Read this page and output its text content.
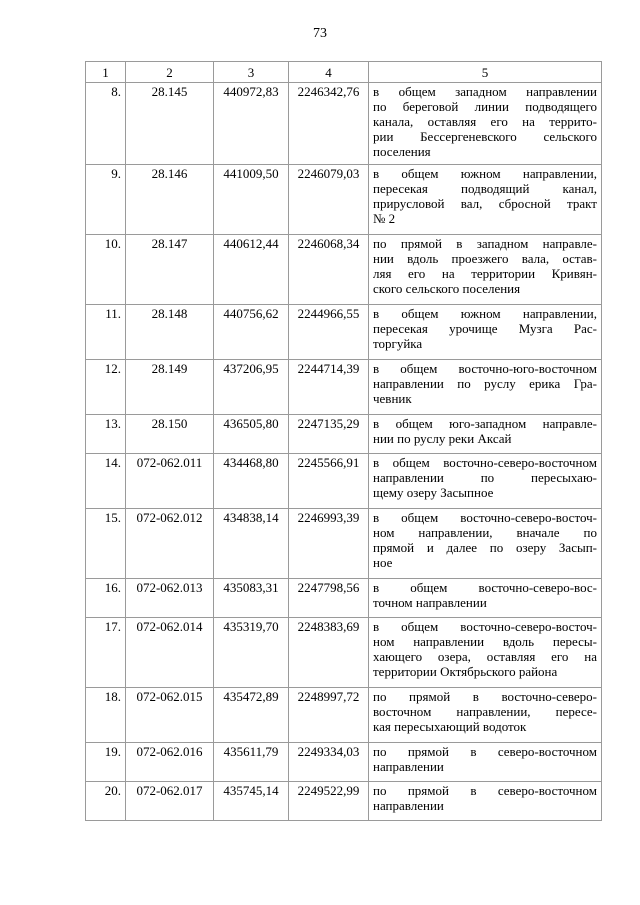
73
1	2	3	4	5
8.	28.145	440972,83	2246342,76	в общем западном направлении
по береговой линии подводящего
канала, оставляя его на террито-
рии Бессергеневского сельского
поселения

9.	28.146	441009,50	2246079,03	в общем южном направлении,
пересекая подводящий канал,
прирусловой вал, сбросной тракт
№ 2

10.	28.147	440612,44	2246068,34	по прямой в западном направле-
нии вдоль проезжего вала, остав-
ляя его на территории Кривян-
ского сельского поселения

11.	28.148	440756,62	2244966,55	в общем южном направлении,
пересекая урочище Музга Рас-
торгуйка

12.	28.149	437206,95	2244714,39	в общем восточно-юго-восточном
направлении по руслу ерика Гра-
чевник

13.	28.150	436505,80	2247135,29	в общем юго-западном направле-
нии по руслу реки Аксай

14.	072-062.011	434468,80	2245566,91	в общем восточно-северо-восточном
направлении по пересыхаю-
щему озеру Засыпное

15.	072-062.012	434838,14	2246993,39	в общем восточно-северо-восточ-
ном направлении, вначале по
прямой и далее по озеру Засып-
ное

16.	072-062.013	435083,31	2247798,56	в общем восточно-северо-вос-
точном направлении

17.	072-062.014	435319,70	2248383,69	в общем восточно-северо-восточ-
ном направлении вдоль пересы-
хающего озера, оставляя его на
территории Октябрьского района

18.	072-062.015	435472,89	2248997,72	по прямой в восточно-северо-
восточном направлении, пересе-
кая пересыхающий водоток

19.	072-062.016	435611,79	2249334,03	по прямой в северо-восточном
направлении

20.	072-062.017	435745,14	2249522,99	по прямой в северо-восточном
направлении
